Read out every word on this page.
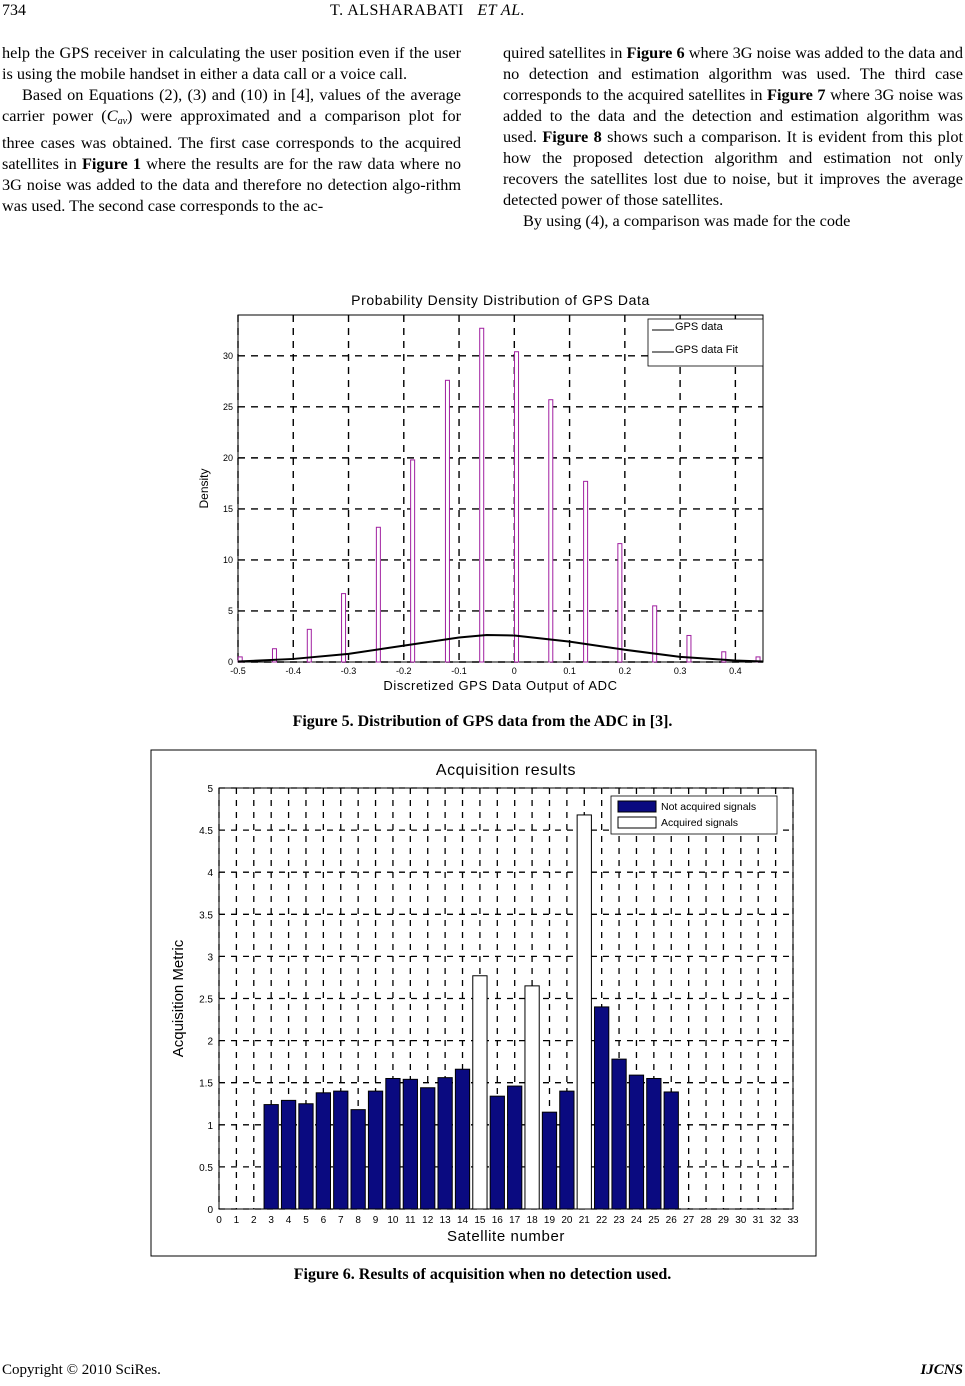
734	T. ALSHARABATI ET AL.

help the GPS receiver in calculating the user position even if the user is using the mobile handset in either a data call or a voice call.

Based on Equations (2), (3) and (10) in [4], values of the average carrier power $(C_{av})$ were approximated and a comparison plot for three cases was obtained. The first case corresponds to the acquired satellites in Figure 1 where the results are for the raw data where no 3G noise was added to the data and therefore no detection algo-rithm was used. The second case corresponds to the ac-

quired satellites in Figure 6 where 3G noise was added to the data and no detection and estimation algorithm was used. The third case corresponds to the acquired satellites in Figure 7 where 3G noise was added to the data and the detection and estimation algorithm was used. Figure 8 shows such a comparison. It is evident from this plot how the proposed detection algorithm and estimation not only recovers the satellites lost due to noise, but it improves the average detected power of those satellites.

By using (4), a comparison was made for the code

Probability Density Distribution of GPS Data
-0.5	-0.4	-0.3	-0.2	-0.1	0	0.1	0.2	0.3	0.4
0
5
10
15
20
25
30
Discretized GPS Data Output of ADC
Density
GPS data
GPS data Fit
Figure 5. Distribution of GPS data from the ADC in [3].
Acquisition results
0 1 2 3 4 5 6 7 8 9 10 11 12 13 14 15 16 17 18 19 20 21 22 23 24 25 26 27 28 29 30 31 32 33
0
0.5
1
1.5
2
2.5
3
3.5
4
4.5
5
Satellite number
Acquisition Metric
Not acquired signals
Acquired signals
Figure 6. Results of acquisition when no detection used.
Copyright © 2010 SciRes.	IJCNS
